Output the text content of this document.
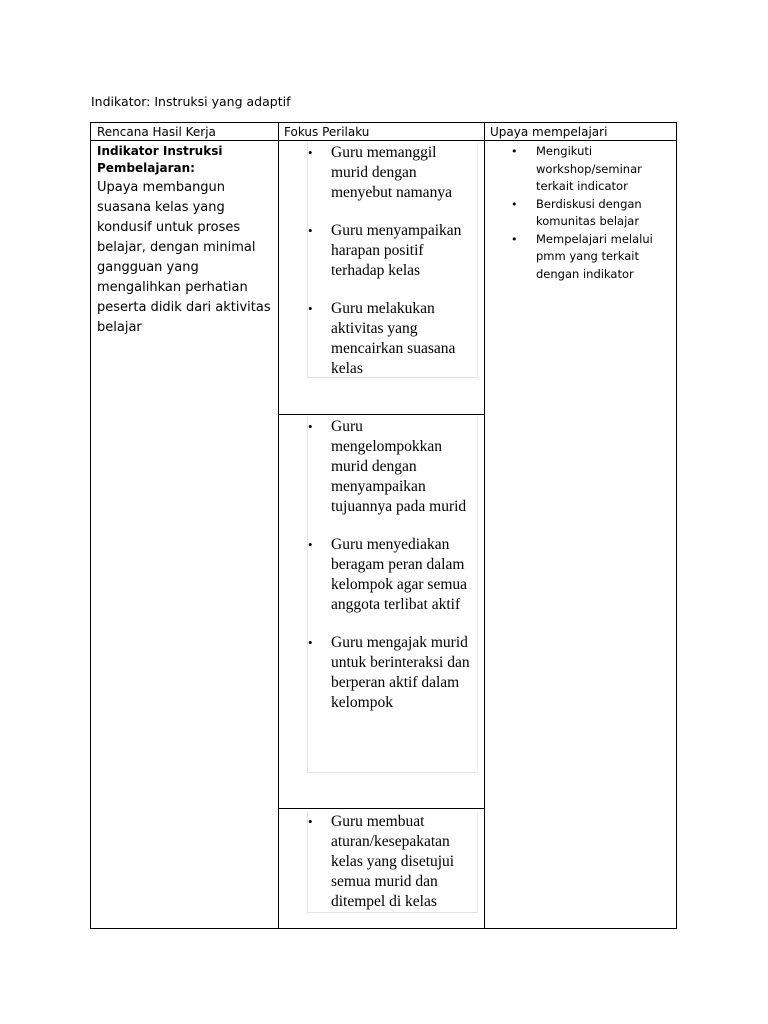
Indikator: Instruksi yang adaptif
Rencana Hasil Kerja	Fokus Perilaku	Upaya mempelajari
Indikator Instruksi Pembelajaran:
Upaya membangun suasana kelas yang kondusif untuk proses belajar, dengan minimal gangguan yang mengalihkan perhatian peserta didik dari aktivitas belajar
• Guru memanggil murid dengan menyebut namanya
• Guru menyampaikan harapan positif terhadap kelas
• Guru melakukan aktivitas yang mencairkan suasana kelas
• Guru mengelompokkan murid dengan menyampaikan tujuannya pada murid
• Guru menyediakan beragam peran dalam kelompok agar semua anggota terlibat aktif
• Guru mengajak murid untuk berinteraksi dan berperan aktif dalam kelompok
• Guru membuat aturan/kesepakatan kelas yang disetujui semua murid dan ditempel di kelas
• Mengikuti workshop/seminar terkait indicator
• Berdiskusi dengan komunitas belajar
• Mempelajari melalui pmm yang terkait dengan indikator
